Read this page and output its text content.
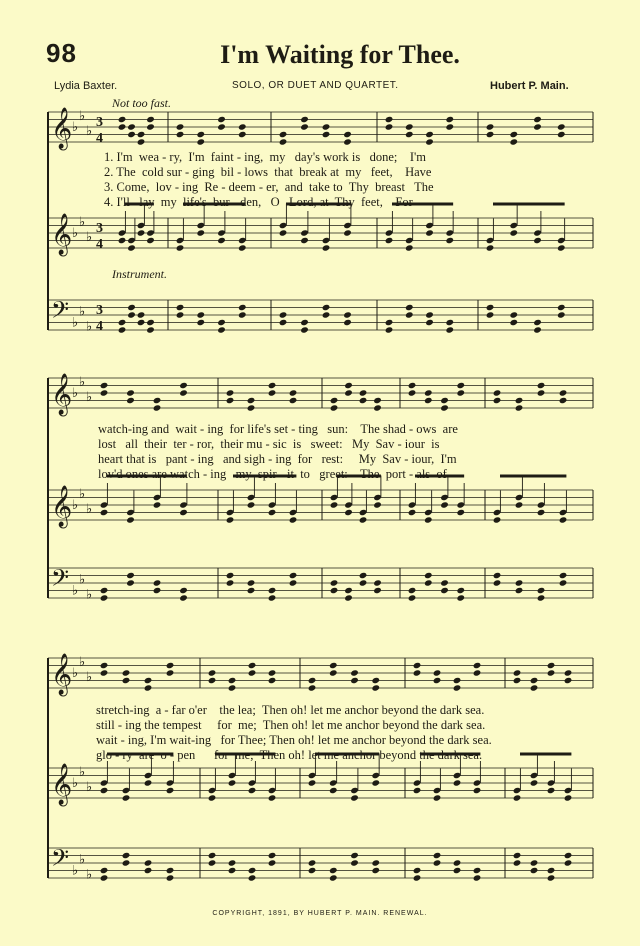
98	I'm Waiting for Thee.
Lydia Baxter.	SOLO, OR DUET AND QUARTET.	Hubert P. Main.
Not too fast.
Instrument.
𝄞 ♭
♭
♭
3
4
𝄞 ♭
♭
♭
3
4
𝄢 ♭
♭
♭
3
4
𝄞 ♭
♭
♭
𝄞 ♭
♭
♭
𝄢 ♭
♭
♭
𝄞 ♭
♭
♭
𝄞 ♭
♭
♭
𝄢 ♭
♭
♭
1. I'm  wea - ry,  I'm  faint - ing,  my   day's work is   done;    I'm
2. The  cold sur - ging  bil - lows  that  break at  my   feet,    Have
3. Come,  lov - ing  Re - deem - er,  and  take to  Thy  breast   The
4. I'll   lay  my  life's  bur - den,   O   Lord, at  Thy  feet,    For
watch-ing and  wait - ing  for life's set - ting   sun:    The shad - ows  are
lost   all  their  ter - ror,  their mu - sic  is   sweet:   My  Sav - iour  is
heart that is   pant - ing   and sigh - ing  for   rest:     My  Sav - iour,  I'm
lov'd ones are watch - ing   my  spir - it  to   greet:    The  port - als  of
stretch-ing  a - far o'er    the lea;  Then oh! let me anchor beyond the dark sea.
still - ing the tempest     for  me;  Then oh! let me anchor beyond the dark sea.
wait - ing, I'm wait-ing   for Thee; Then oh! let me anchor beyond the dark sea.
glo - ry  are  o - pen      for  me;  Then oh! let me anchor beyond the dark sea.
COPYRIGHT, 1891, BY HUBERT P. MAIN. RENEWAL.
